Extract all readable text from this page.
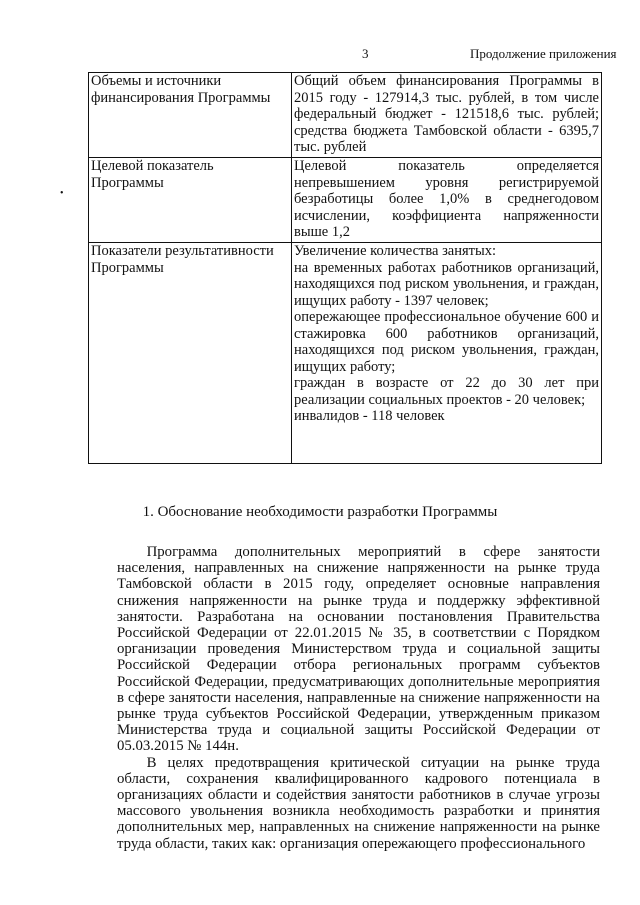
3	Продолжение приложения
•
Объемы и источники финансирования Программы	Общий объем финансирования Программы в 2015 году - 127914,3 тыс. рублей, в том числе федеральный бюджет - 121518,6 тыс. рублей; средства бюджета Тамбовской области - 6395,7 тыс. рублей

Целевой показатель Программы	Целевой показатель определяется непревышением уровня регистрируемой безработицы более 1,0% в среднегодовом исчислении, коэффициента напряженности выше 1,2

Показатели результативности Программы	Увеличение количества занятых:
на временных работах работников организаций, находящихся под риском увольнения, и граждан, ищущих работу - 1397 человек;
опережающее профессиональное обучение 600 и стажировка 600 работников организаций, находящихся под риском увольнения, граждан, ищущих работу;
граждан в возрасте от 22 до 30 лет при реализации социальных проектов - 20 человек;
инвалидов - 118 человек
1. Обоснование необходимости разработки Программы

Программа дополнительных мероприятий в сфере занятости населения, направленных на снижение напряженности на рынке труда Тамбовской области в 2015 году, определяет основные направления снижения напряженности на рынке труда и поддержку эффективной занятости. Разработана на основании постановления Правительства Российской Федерации от 22.01.2015 № 35, в соответствии с Порядком организации проведения Министерством труда и социальной защиты Российской Федерации отбора региональных программ субъектов Российской Федерации, предусматривающих дополнительные мероприятия в сфере занятости населения, направленные на снижение напряженности на рынке труда субъектов Российской Федерации, утвержденным приказом Министерства труда и социальной защиты Российской Федерации от 05.03.2015 № 144н.

В целях предотвращения критической ситуации на рынке труда области, сохранения квалифицированного кадрового потенциала в организациях области и содействия занятости работников в случае угрозы массового увольнения возникла необходимость разработки и принятия дополнительных мер, направленных на снижение напряженности на рынке труда области, таких как: организация опережающего профессионального
